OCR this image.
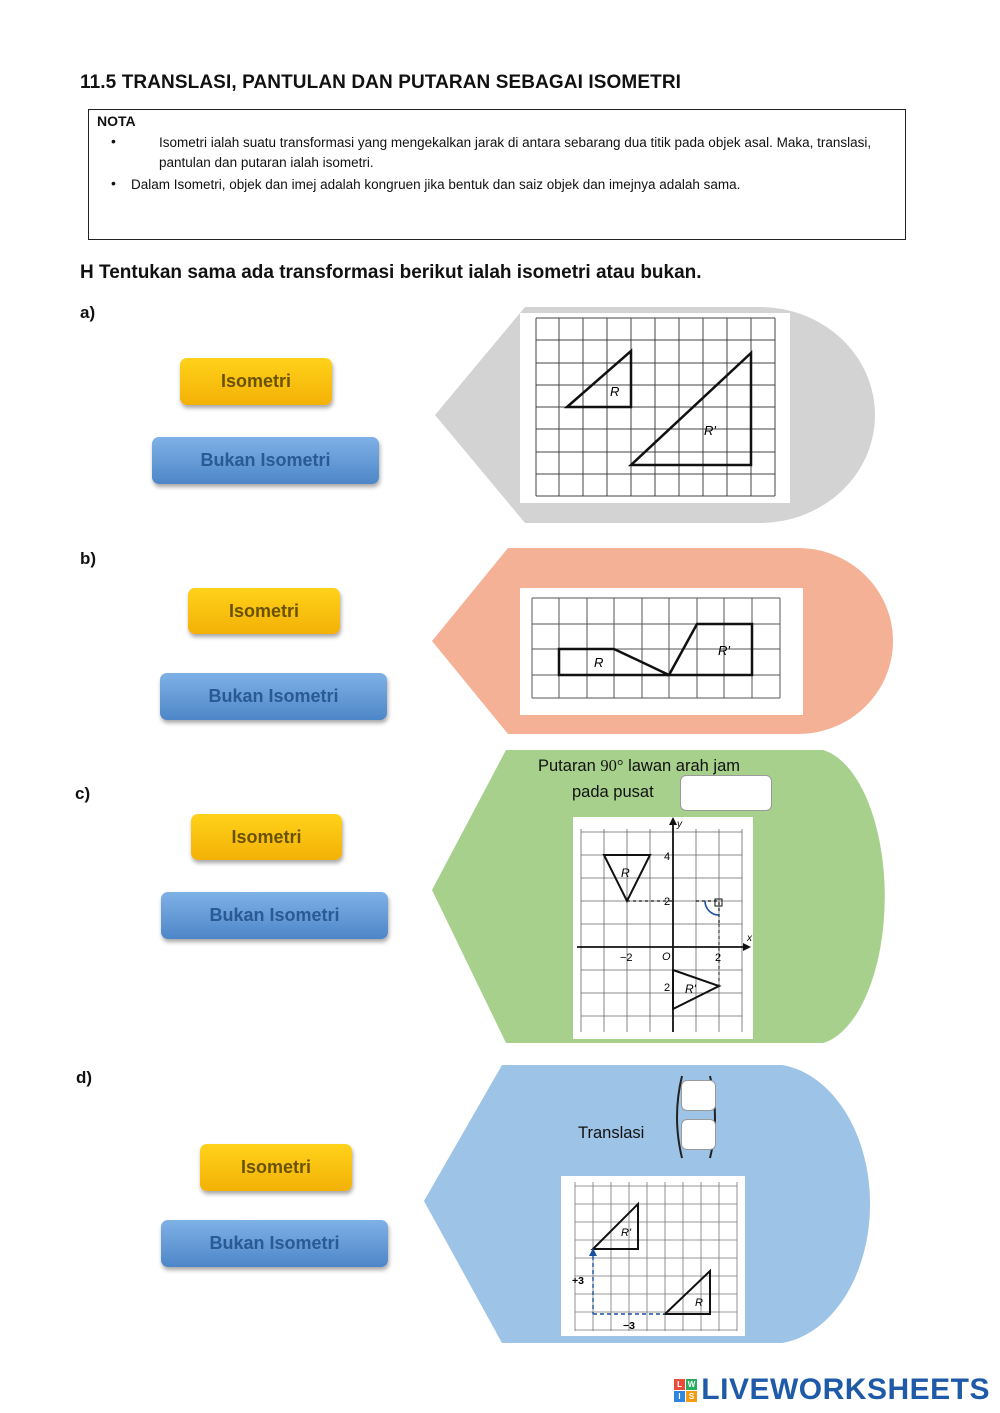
11.5 TRANSLASI, PANTULAN DAN PUTARAN SEBAGAI ISOMETRI
NOTA
•	Isometri ialah suatu transformasi yang mengekalkan jarak di antara sebarang dua titik pada objek asal. Maka, translasi, pantulan dan putaran ialah isometri.
• Dalam Isometri, objek dan imej adalah kongruen jika bentuk dan saiz objek dan imejnya adalah sama.
H Tentukan sama ada transformasi berikut ialah isometri atau bukan.
a)
Isometri
Bukan Isometri
R
R'
b)
Isometri
Bukan Isometri
R
R'
c)
Isometri
Bukan Isometri
Putaran 90° lawan arah jam
pada pusat
R
R'
y
x
4
2
−2	O	2
2
d)
Isometri
Bukan Isometri
Translasi
R'
R
+3
−3
L W
I S LIVEWORKSHEETS
